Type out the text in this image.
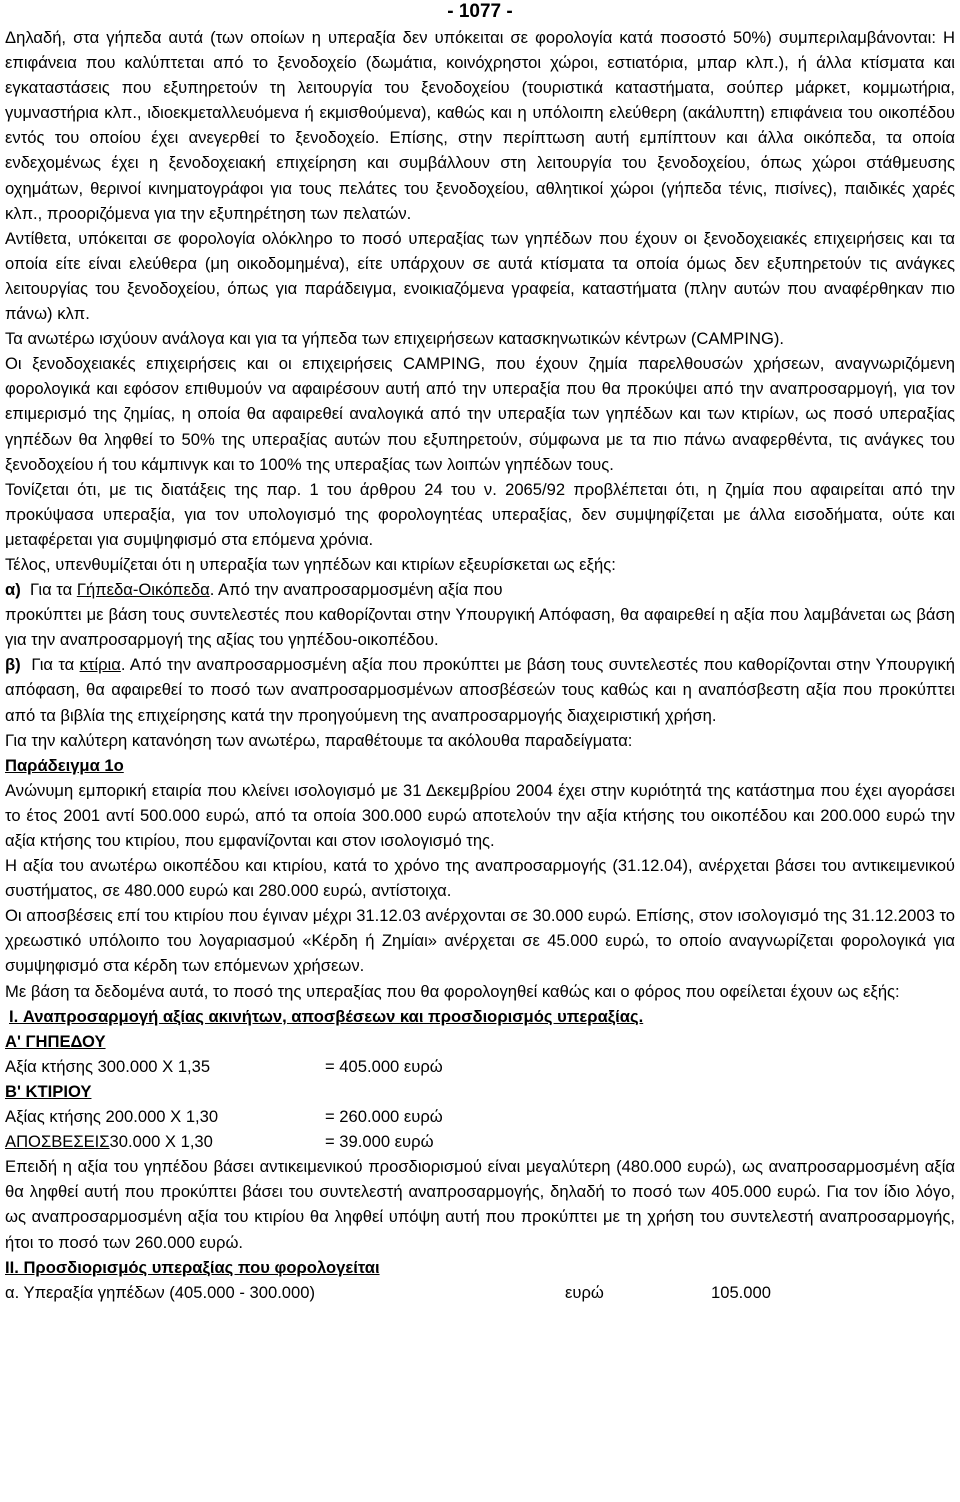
- 1077 -

Δηλαδή, στα γήπεδα αυτά (των οποίων η υπεραξία δεν υπόκειται σε φορολογία κατά ποσοστό 50%) συμπεριλαμβάνονται: Η επιφάνεια που καλύπτεται από το ξενοδοχείο (δωμάτια, κοινόχρηστοι χώροι, εστιατόρια, μπαρ κλπ.), ή άλλα κτίσματα και εγκαταστάσεις που εξυπηρετούν τη λειτουργία του ξενοδοχείου (τουριστικά καταστήματα, σούπερ μάρκετ, κομμωτήρια, γυμναστήρια κλπ., ιδιοεκμεταλλευόμενα ή εκμισθούμενα), καθώς και η υπόλοιπη ελεύθερη (ακάλυπτη) επιφάνεια του οικοπέδου εντός του οποίου έχει ανεγερθεί το ξενοδοχείο. Επίσης, στην περίπτωση αυτή εμπίπτουν και άλλα οικόπεδα, τα οποία ενδεχομένως έχει η ξενοδοχειακή επιχείρηση και συμβάλλουν στη λειτουργία του ξενοδοχείου, όπως χώροι στάθμευσης οχημάτων, θερινοί κινηματογράφοι για τους πελάτες του ξενοδοχείου, αθλητικοί χώροι (γήπεδα τένις, πισίνες), παιδικές χαρές κλπ., προοριζόμενα για την εξυπηρέτηση των πελατών.

Αντίθετα, υπόκειται σε φορολογία ολόκληρο το ποσό υπεραξίας των γηπέδων που έχουν οι ξενοδοχειακές επιχειρήσεις και τα οποία είτε είναι ελεύθερα (μη οικοδομημένα), είτε υπάρχουν σε αυτά κτίσματα τα οποία όμως δεν εξυπηρετούν τις ανάγκες λειτουργίας του ξενοδοχείου, όπως για παράδειγμα, ενοικιαζόμενα γραφεία, καταστήματα (πλην αυτών που αναφέρθηκαν πιο πάνω) κλπ.

Τα ανωτέρω ισχύουν ανάλογα και για τα γήπεδα των επιχειρήσεων κατασκηνωτικών κέντρων (CAMPING).

Οι ξενοδοχειακές επιχειρήσεις και οι επιχειρήσεις CAMPING, που έχουν ζημία παρελθουσών χρήσεων, αναγνωριζόμενη φορολογικά και εφόσον επιθυμούν να αφαιρέσουν αυτή από την υπεραξία που θα προκύψει από την αναπροσαρμογή, για τον επιμερισμό της ζημίας, η οποία θα αφαιρεθεί αναλογικά από την υπεραξία των γηπέδων και των κτιρίων, ως ποσό υπεραξίας γηπέδων θα ληφθεί το 50% της υπεραξίας αυτών που εξυπηρετούν, σύμφωνα με τα πιο πάνω αναφερθέντα, τις ανάγκες του ξενοδοχείου ή του κάμπινγκ και το 100% της υπεραξίας των λοιπών γηπέδων τους.

Τονίζεται ότι, με τις διατάξεις της παρ. 1 του άρθρου 24 του ν. 2065/92 προβλέπεται ότι, η ζημία που αφαιρείται από την προκύψασα υπεραξία, για τον υπολογισμό της φορολογητέας υπεραξίας, δεν συμψηφίζεται με άλλα εισοδήματα, ούτε και μεταφέρεται για συμψηφισμό στα επόμενα χρόνια.

Τέλος, υπενθυμίζεται ότι η υπεραξία των γηπέδων και κτιρίων εξευρίσκεται ως εξής:

α) Για τα Γήπεδα-Οικόπεδα. Από την αναπροσαρμοσμένη αξία που

προκύπτει με βάση τους συντελεστές που καθορίζονται στην Υπουργική Απόφαση, θα αφαιρεθεί η αξία που λαμβάνεται ως βάση για την αναπροσαρμογή της αξίας του γηπέδου-οικοπέδου.

β) Για τα κτίρια. Από την αναπροσαρμοσμένη αξία που προκύπτει με βάση τους συντελεστές που καθορίζονται στην Υπουργική απόφαση, θα αφαιρεθεί το ποσό των αναπροσαρμοσμένων αποσβέσεών τους καθώς και η αναπόσβεστη αξία που προκύπτει από τα βιβλία της επιχείρησης κατά την προηγούμενη της αναπροσαρμογής διαχειριστική χρήση.

Για την καλύτερη κατανόηση των ανωτέρω, παραθέτουμε τα ακόλουθα παραδείγματα:

Παράδειγμα 1ο

Ανώνυμη εμπορική εταιρία που κλείνει ισολογισμό με 31 Δεκεμβρίου 2004 έχει στην κυριότητά της κατάστημα που έχει αγοράσει το έτος 2001 αντί 500.000 ευρώ, από τα οποία 300.000 ευρώ αποτελούν την αξία κτήσης του οικοπέδου και 200.000 ευρώ την αξία κτήσης του κτιρίου, που εμφανίζονται και στον ισολογισμό της.

Η αξία του ανωτέρω οικοπέδου και κτιρίου, κατά το χρόνο της αναπροσαρμογής (31.12.04), ανέρχεται βάσει του αντικειμενικού συστήματος, σε 480.000 ευρώ και 280.000 ευρώ, αντίστοιχα.

Οι αποσβέσεις επί του κτιρίου που έγιναν μέχρι 31.12.03 ανέρχονται σε 30.000 ευρώ. Επίσης, στον ισολογισμό της 31.12.2003 το χρεωστικό υπόλοιπο του λογαριασμού «Κέρδη ή Ζημίαι» ανέρχεται σε 45.000 ευρώ, το οποίο αναγνωρίζεται φορολογικά για συμψηφισμό στα κέρδη των επόμενων χρήσεων.

Με βάση τα δεδομένα αυτά, το ποσό της υπεραξίας που θα φορολογηθεί καθώς και ο φόρος που οφείλεται έχουν ως εξής:

I. Αναπροσαρμογή αξίας ακινήτων, αποσβέσεων και προσδιορισμός υπεραξίας.

Α' ΓΗΠΕΔΟΥ

Αξία κτήσης 300.000 Χ 1,35	= 405.000 ευρώ

Β' ΚΤΙΡΙΟΥ

Αξίας κτήσης 200.000 Χ 1,30	= 260.000 ευρώ

ΑΠΟΣΒΕΣΕΙΣ30.000 Χ 1,30	= 39.000 ευρώ

Επειδή η αξία του γηπέδου βάσει αντικειμενικού προσδιορισμού είναι μεγαλύτερη (480.000 ευρώ), ως αναπροσαρμοσμένη αξία θα ληφθεί αυτή που προκύπτει βάσει του συντελεστή αναπροσαρμογής, δηλαδή το ποσό των 405.000 ευρώ. Για τον ίδιο λόγο, ως αναπροσαρμοσμένη αξία του κτιρίου θα ληφθεί υπόψη αυτή που προκύπτει με τη χρήση του συντελεστή αναπροσαρμογής, ήτοι το ποσό των 260.000 ευρώ.

II. Προσδιορισμός υπεραξίας που φορολογείται

α. Υπεραξία γηπέδων (405.000 - 300.000)	ευρώ	105.000
